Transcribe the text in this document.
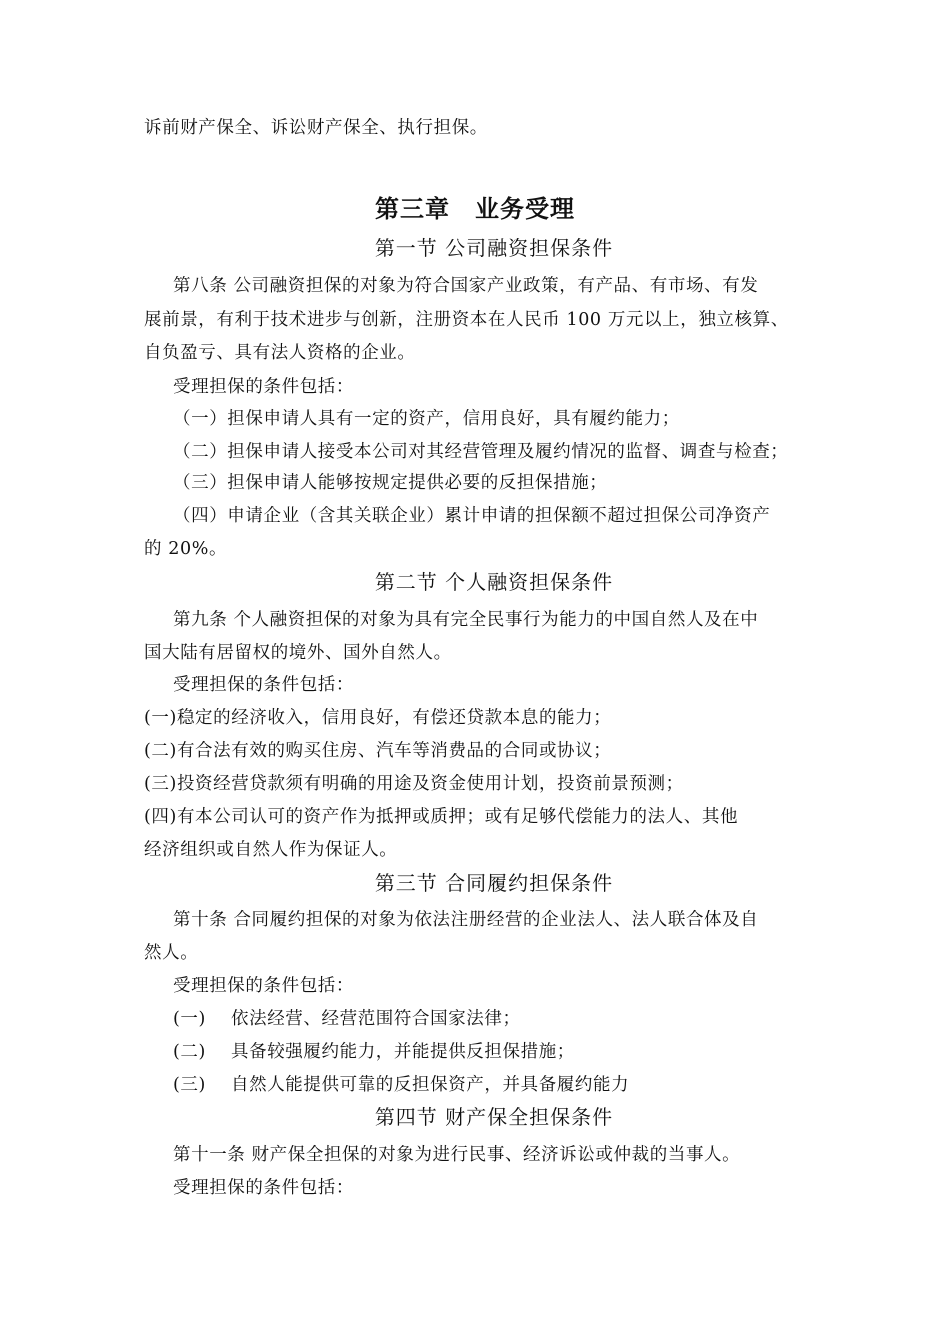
诉前财产保全、诉讼财产保全、执行担保。
第三章　业务受理
第一节 公司融资担保条件
第八条 公司融资担保的对象为符合国家产业政策，有产品、有市场、有发
展前景，有利于技术进步与创新，注册资本在人民币 100 万元以上，独立核算、
自负盈亏、具有法人资格的企业。
受理担保的条件包括：
（一）担保申请人具有一定的资产，信用良好，具有履约能力；
（二）担保申请人接受本公司对其经营管理及履约情况的监督、调查与检查；
（三）担保申请人能够按规定提供必要的反担保措施；
（四）申请企业（含其关联企业）累计申请的担保额不超过担保公司净资产
的 20%。
第二节 个人融资担保条件
第九条 个人融资担保的对象为具有完全民事行为能力的中国自然人及在中
国大陆有居留权的境外、国外自然人。
受理担保的条件包括：
(一)稳定的经济收入，信用良好，有偿还贷款本息的能力；
(二)有合法有效的购买住房、汽车等消费品的合同或协议；
(三)投资经营贷款须有明确的用途及资金使用计划，投资前景预测；
(四)有本公司认可的资产作为抵押或质押；或有足够代偿能力的法人、其他
经济组织或自然人作为保证人。
第三节 合同履约担保条件
第十条 合同履约担保的对象为依法注册经营的企业法人、法人联合体及自
然人。
受理担保的条件包括：
(一) 依法经营、经营范围符合国家法律；
(二) 具备较强履约能力，并能提供反担保措施；
(三) 自然人能提供可靠的反担保资产，并具备履约能力
第四节 财产保全担保条件
第十一条 财产保全担保的对象为进行民事、经济诉讼或仲裁的当事人。
受理担保的条件包括：
